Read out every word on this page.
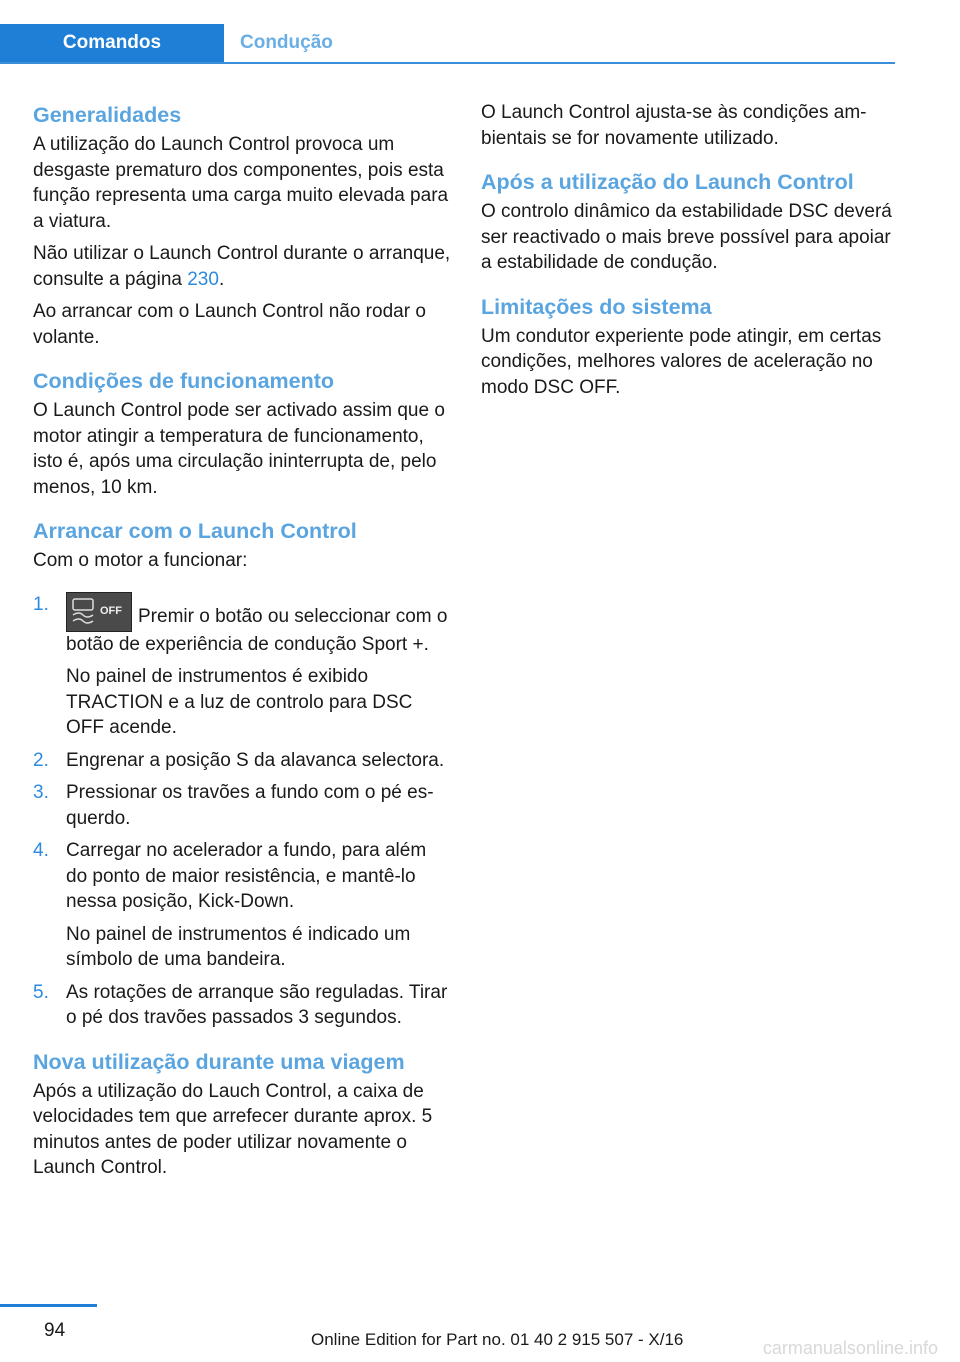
Comandos	Condução
Generalidades

A utilização do Launch Control provoca um desgaste prematuro dos componentes, pois esta função representa uma carga muito elevada para a viatura.

Não utilizar o Launch Control durante o arranque, consulte a página 230.

Ao arrancar com o Launch Control não rodar o volante.

Condições de funcionamento

O Launch Control pode ser activado assim que o motor atingir a temperatura de funcionamento, isto é, após uma circulação ininterrupta de, pelo menos, 10 km.

Arrancar com o Launch Control

Com o motor a funcionar:

1.	OFF Premir o botão ou seleccionar com o botão de experiência de condução Sport +.

No painel de instrumentos é exibido TRACTION e a luz de controlo para DSC OFF acende.

2. Engrenar a posição S da alavanca selectora.

3. Pressionar os travões a fundo com o pé esquerdo.

4. Carregar no acelerador a fundo, para além do ponto de maior resistência, e mantê-lo nessa posição, Kick-Down.

No painel de instrumentos é indicado um símbolo de uma bandeira.

5. As rotações de arranque são reguladas. Tirar o pé dos travões passados 3 segundos.

Nova utilização durante uma viagem

Após a utilização do Lauch Control, a caixa de velocidades tem que arrefecer durante aprox. 5 minutos antes de poder utilizar novamente o Launch Control.

O Launch Control ajusta-se às condições ambientais se for novamente utilizado.

Após a utilização do Launch Control

O controlo dinâmico da estabilidade DSC deverá ser reactivado o mais breve possível para apoiar a estabilidade de condução.

Limitações do sistema

Um condutor experiente pode atingir, em certas condições, melhores valores de aceleração no modo DSC OFF.

94	Online Edition for Part no. 01 40 2 915 507 - X/16	carmanualsonline.info
